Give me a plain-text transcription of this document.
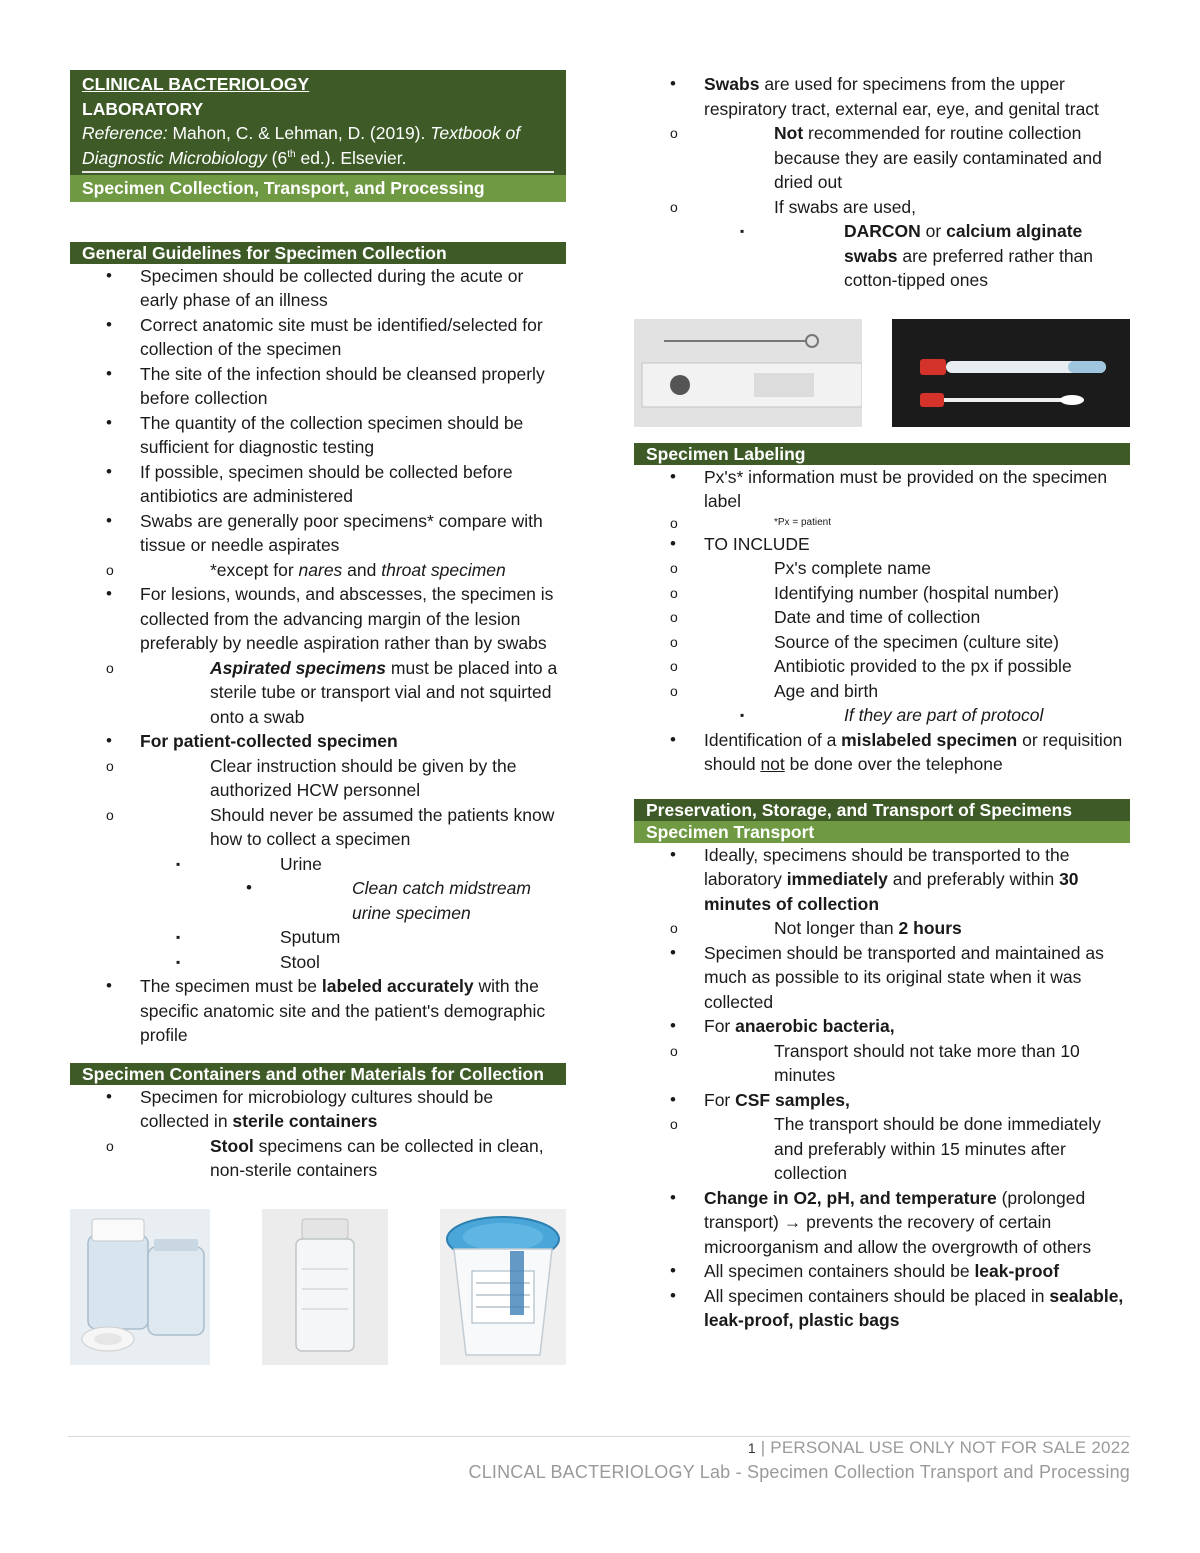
CLINICAL BACTERIOLOGY
LABORATORY
Reference: Mahon, C. & Lehman, D. (2019). Textbook of Diagnostic Microbiology (6th ed.). Elsevier.
Specimen Collection, Transport, and Processing
General Guidelines for Specimen Collection
• Specimen should be collected during the acute or early phase of an illness
• Correct anatomic site must be identified/selected for collection of the specimen
• The site of the infection should be cleansed properly before collection
• The quantity of the collection specimen should be sufficient for diagnostic testing
• If possible, specimen should be collected before antibiotics are administered
• Swabs are generally poor specimens* compare with tissue or needle aspirates
o *except for nares and throat specimen
• For lesions, wounds, and abscesses, the specimen is collected from the advancing margin of the lesion preferably by needle aspiration rather than by swabs
o Aspirated specimens must be placed into a sterile tube or transport vial and not squirted onto a swab
• For patient-collected specimen
o Clear instruction should be given by the authorized HCW personnel
o Should never be assumed the patients know how to collect a specimen
▪ Urine
• Clean catch midstream urine specimen
▪ Sputum
▪ Stool
• The specimen must be labeled accurately with the specific anatomic site and the patient's demographic profile
Specimen Containers and other Materials for Collection
• Specimen for microbiology cultures should be collected in sterile containers
o Stool specimens can be collected in clean, non-sterile containers
• Swabs are used for specimens from the upper respiratory tract, external ear, eye, and genital tract
o Not recommended for routine collection because they are easily contaminated and dried out
o If swabs are used,
▪ DARCON or calcium alginate swabs are preferred rather than cotton-tipped ones
Specimen Labeling
• Px's* information must be provided on the specimen label
o *Px = patient
• TO INCLUDE
o Px's complete name
o Identifying number (hospital number)
o Date and time of collection
o Source of the specimen (culture site)
o Antibiotic provided to the px if possible
o Age and birth
▪ If they are part of protocol
• Identification of a mislabeled specimen or requisition should not be done over the telephone
Preservation, Storage, and Transport of Specimens
Specimen Transport
• Ideally, specimens should be transported to the laboratory immediately and preferably within 30 minutes of collection
o Not longer than 2 hours
• Specimen should be transported and maintained as much as possible to its original state when it was collected
• For anaerobic bacteria,
o Transport should not take more than 10 minutes
• For CSF samples,
o The transport should be done immediately and preferably within 15 minutes after collection
• Change in O2, pH, and temperature (prolonged transport) → prevents the recovery of certain microorganism and allow the overgrowth of others
• All specimen containers should be leak-proof
• All specimen containers should be placed in sealable, leak-proof, plastic bags
1 | PERSONAL USE ONLY NOT FOR SALE 2022
CLINCAL BACTERIOLOGY Lab - Specimen Collection Transport and Processing
